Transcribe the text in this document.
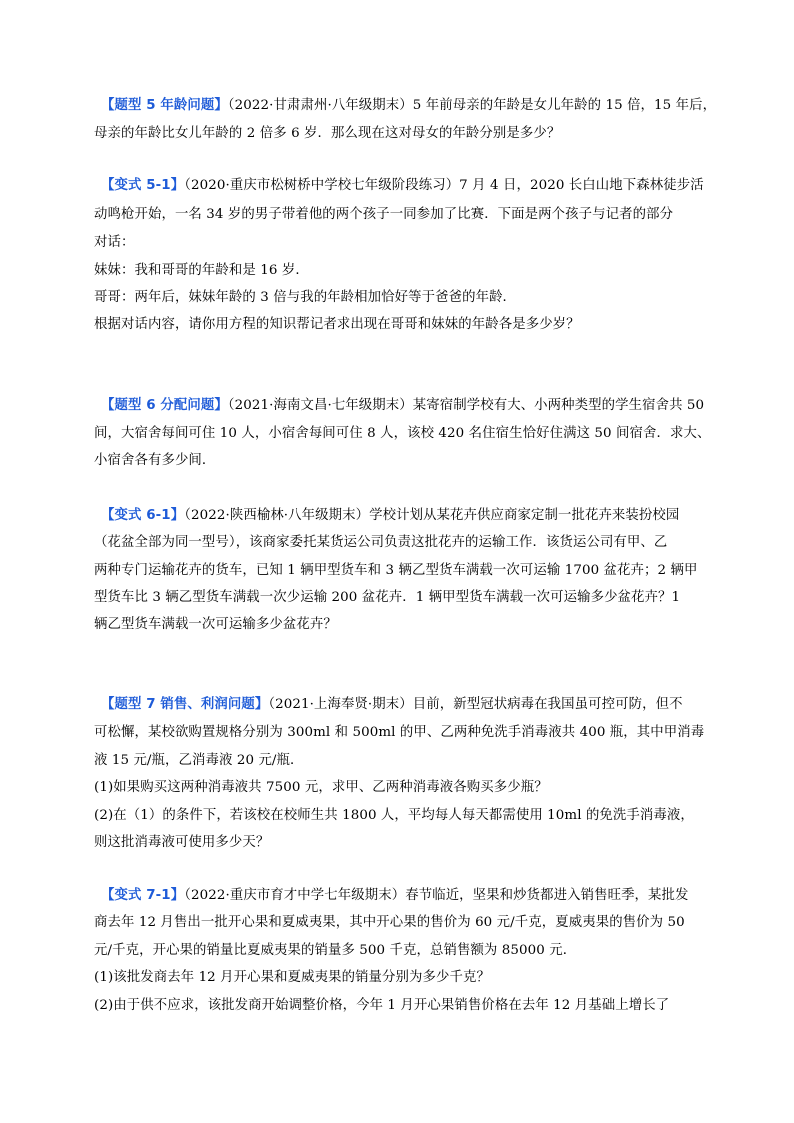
【题型 5 年龄问题】（2022·甘肃肃州·八年级期末）5 年前母亲的年龄是女儿年龄的 15 倍，15 年后，
母亲的年龄比女儿年龄的 2 倍多 6 岁．那么现在这对母女的年龄分别是多少？
【变式 5-1】（2020·重庆市松树桥中学校七年级阶段练习）7 月 4 日，2020 长白山地下森林徒步活
动鸣枪开始，一名 34 岁的男子带着他的两个孩子一同参加了比赛．下面是两个孩子与记者的部分
对话：
妹妹：我和哥哥的年龄和是 16 岁．
哥哥：两年后，妹妹年龄的 3 倍与我的年龄相加恰好等于爸爸的年龄．
根据对话内容，请你用方程的知识帮记者求出现在哥哥和妹妹的年龄各是多少岁？
【题型 6 分配问题】（2021·海南文昌·七年级期末）某寄宿制学校有大、小两种类型的学生宿舍共 50
间，大宿舍每间可住 10 人，小宿舍每间可住 8 人，该校 420 名住宿生恰好住满这 50 间宿舍．求大、
小宿舍各有多少间．
【变式 6-1】（2022·陕西榆林·八年级期末）学校计划从某花卉供应商家定制一批花卉来装扮校园
（花盆全部为同一型号），该商家委托某货运公司负责这批花卉的运输工作．该货运公司有甲、乙
两种专门运输花卉的货车，已知 1 辆甲型货车和 3 辆乙型货车满载一次可运输 1700 盆花卉；2 辆甲
型货车比 3 辆乙型货车满载一次少运输 200 盆花卉．1 辆甲型货车满载一次可运输多少盆花卉？1
辆乙型货车满载一次可运输多少盆花卉？
【题型 7 销售、利润问题】（2021·上海奉贤·期末）目前，新型冠状病毒在我国虽可控可防，但不
可松懈，某校欲购置规格分别为 300ml 和 500ml 的甲、乙两种免洗手消毒液共 400 瓶，其中甲消毒
液 15 元/瓶，乙消毒液 20 元/瓶．
(1)如果购买这两种消毒液共 7500 元，求甲、乙两种消毒液各购买多少瓶？
(2)在（1）的条件下，若该校在校师生共 1800 人，平均每人每天都需使用 10ml 的免洗手消毒液，
则这批消毒液可使用多少天？
【变式 7-1】（2022·重庆市育才中学七年级期末）春节临近，坚果和炒货都进入销售旺季，某批发
商去年 12 月售出一批开心果和夏威夷果，其中开心果的售价为 60 元/千克，夏威夷果的售价为 50
元/千克，开心果的销量比夏威夷果的销量多 500 千克，总销售额为 85000 元．
(1)该批发商去年 12 月开心果和夏威夷果的销量分别为多少千克？
(2)由于供不应求，该批发商开始调整价格，今年 1 月开心果销售价格在去年 12 月基础上增长了
